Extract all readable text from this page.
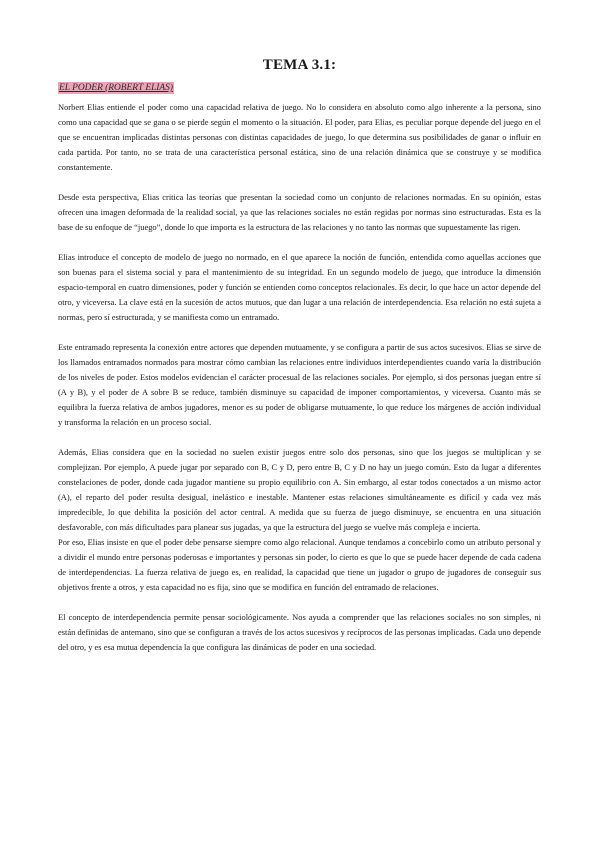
TEMA 3.1:
EL PODER (ROBERT ELIAS)

Norbert Elias entiende el poder como una capacidad relativa de juego. No lo considera en absoluto como algo inherente a la persona, sino como una capacidad que se gana o se pierde según el momento o la situación. El poder, para Elias, es peculiar porque depende del juego en el que se encuentran implicadas distintas personas con distintas capacidades de juego, lo que determina sus posibilidades de ganar o influir en cada partida. Por tanto, no se trata de una característica personal estática, sino de una relación dinámica que se construye y se modifica constantemente.

Desde esta perspectiva, Elias critica las teorías que presentan la sociedad como un conjunto de relaciones normadas. En su opinión, estas ofrecen una imagen deformada de la realidad social, ya que las relaciones sociales no están regidas por normas sino estructuradas. Esta es la base de su enfoque de “juego”, donde lo que importa es la estructura de las relaciones y no tanto las normas que supuestamente las rigen.

Elias introduce el concepto de modelo de juego no normado, en el que aparece la noción de función, entendida como aquellas acciones que son buenas para el sistema social y para el mantenimiento de su integridad. En un segundo modelo de juego, que introduce la dimensión espacio-temporal en cuatro dimensiones, poder y función se entienden como conceptos relacionales. Es decir, lo que hace un actor depende del otro, y viceversa. La clave está en la sucesión de actos mutuos, que dan lugar a una relación de interdependencia. Esa relación no está sujeta a normas, pero sí estructurada, y se manifiesta como un entramado.

Este entramado representa la conexión entre actores que dependen mutuamente, y se configura a partir de sus actos sucesivos. Elias se sirve de los llamados entramados normados para mostrar cómo cambian las relaciones entre individuos interdependientes cuando varía la distribución de los niveles de poder. Estos modelos evidencian el carácter procesual de las relaciones sociales. Por ejemplo, si dos personas juegan entre sí (A y B), y el poder de A sobre B se reduce, también disminuye su capacidad de imponer comportamientos, y viceversa. Cuanto más se equilibra la fuerza relativa de ambos jugadores, menor es su poder de obligarse mutuamente, lo que reduce los márgenes de acción individual y transforma la relación en un proceso social.

Además, Elias considera que en la sociedad no suelen existir juegos entre solo dos personas, sino que los juegos se multiplican y se complejizan. Por ejemplo, A puede jugar por separado con B, C y D, pero entre B, C y D no hay un juego común. Esto da lugar a diferentes constelaciones de poder, donde cada jugador mantiene su propio equilibrio con A. Sin embargo, al estar todos conectados a un mismo actor (A), el reparto del poder resulta desigual, inelástico e inestable. Mantener estas relaciones simultáneamente es difícil y cada vez más impredecible, lo que debilita la posición del actor central. A medida que su fuerza de juego disminuye, se encuentra en una situación desfavorable, con más dificultades para planear sus jugadas, ya que la estructura del juego se vuelve más compleja e incierta.

Por eso, Elias insiste en que el poder debe pensarse siempre como algo relacional. Aunque tendamos a concebirlo como un atributo personal y a dividir el mundo entre personas poderosas e importantes y personas sin poder, lo cierto es que lo que se puede hacer depende de cada cadena de interdependencias. La fuerza relativa de juego es, en realidad, la capacidad que tiene un jugador o grupo de jugadores de conseguir sus objetivos frente a otros, y esta capacidad no es fija, sino que se modifica en función del entramado de relaciones.

El concepto de interdependencia permite pensar sociológicamente. Nos ayuda a comprender que las relaciones sociales no son simples, ni están definidas de antemano, sino que se configuran a través de los actos sucesivos y recíprocos de las personas implicadas. Cada uno depende del otro, y es esa mutua dependencia la que configura las dinámicas de poder en una sociedad.
